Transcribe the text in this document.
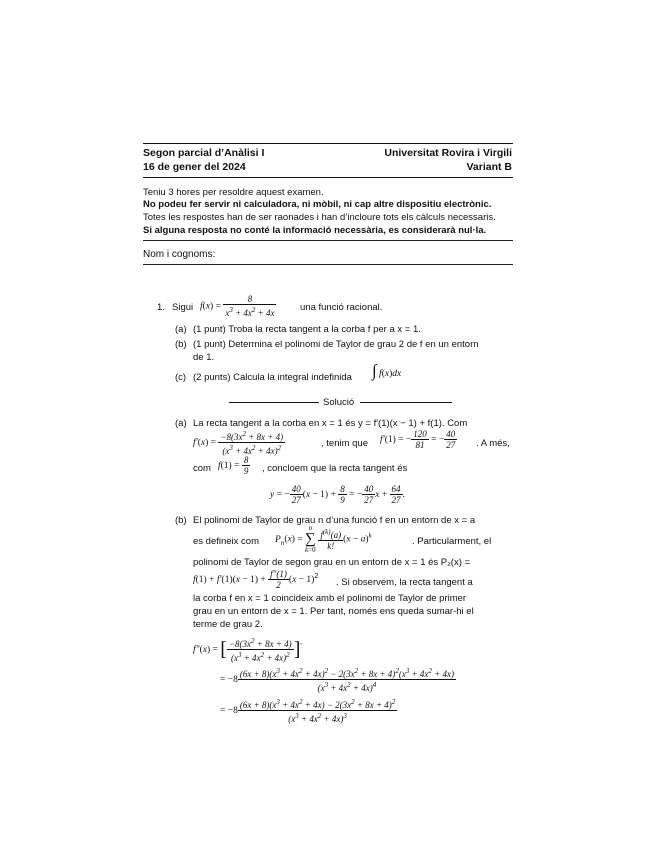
Segon parcial d’Anàlisi I
16 de gener del 2024
Universitat Rovira i Virgili
Variant B
Teniu 3 hores per resoldre aquest examen.
No podeu fer servir ni calculadora, ni mòbil, ni cap altre dispositiu electrònic.
Totes les respostes han de ser raonades i han d’incloure tots els càlculs necessaris.
Si alguna resposta no conté la informació necessària, es considerarà nul·la.
Nom i cognoms:
1. Sigui $f(x) = \frac{8}{x^3 + 4x^2 + 4x}$ una funció racional.
(a) (1 punt) Troba la recta tangent a la corba f per a x = 1.
(b) (1 punt) Determina el polinomi de Taylor de grau 2 de f en un entorn
de 1.
(c) (2 punts) Calcula la integral indefinida ∫ f(x)dx
Solució
(a) La recta tangent a la corba en x = 1 és y = f′(1)(x − 1) + f(1). Com
$f'(x) = \frac{-8(3x^2 + 8x + 4)}{(x^3 + 4x^2 + 4x)^2}$	, tenim que f′(1) = − $\frac{120}{81}$ = − $\frac{40}{27}$ . A més,
com $f(1) = \frac{8}{9}$ , concloem que la recta tangent és
y = − $\frac{40}{27} (x - 1) + \frac{8}{9}$ = − $\frac{40}{27}$ $x + \frac{64}{27}$ .
(b) El polinomi de Taylor de grau n d’una funció f en un entorn de x = a
es defineix com $P_n(x)$ =
n
∑
k=0
$\frac{f^{(k)}(a)}{k!} (x - a)^k$
. Particularment, el
polinomi de Taylor de segon grau en un entorn de x = 1 és P₂(x) =
$f(1) + f'(1)(x - 1) + \frac{f''(1)}{2} (x - 1)^2$
. Si observem, la recta tangent a
la corba f en x = 1 coincideix amb el polinomi de Taylor de primer
grau en un entorn de x = 1. Per tant, només ens queda sumar-hi el
terme de grau 2.
f″(x) = [ $\frac{-8(3x^2 + 8x + 4)}{(x^3 + 4x^2 + 4x)^2} ]'$
= $-8 \frac{(6x + 8)(x^3 + 4x^2 + 4x)^2 - 2(3x^2 + 8x + 4)^2(x^3 + 4x^2 + 4x)}{(x^3 + 4x^2 + 4x)^4}$
= $-8 \frac{(6x + 8)(x^3 + 4x^2 + 4x) - 2(3x^2 + 8x + 4)^2}{(x^3 + 4x^2 + 4x)^3}$
